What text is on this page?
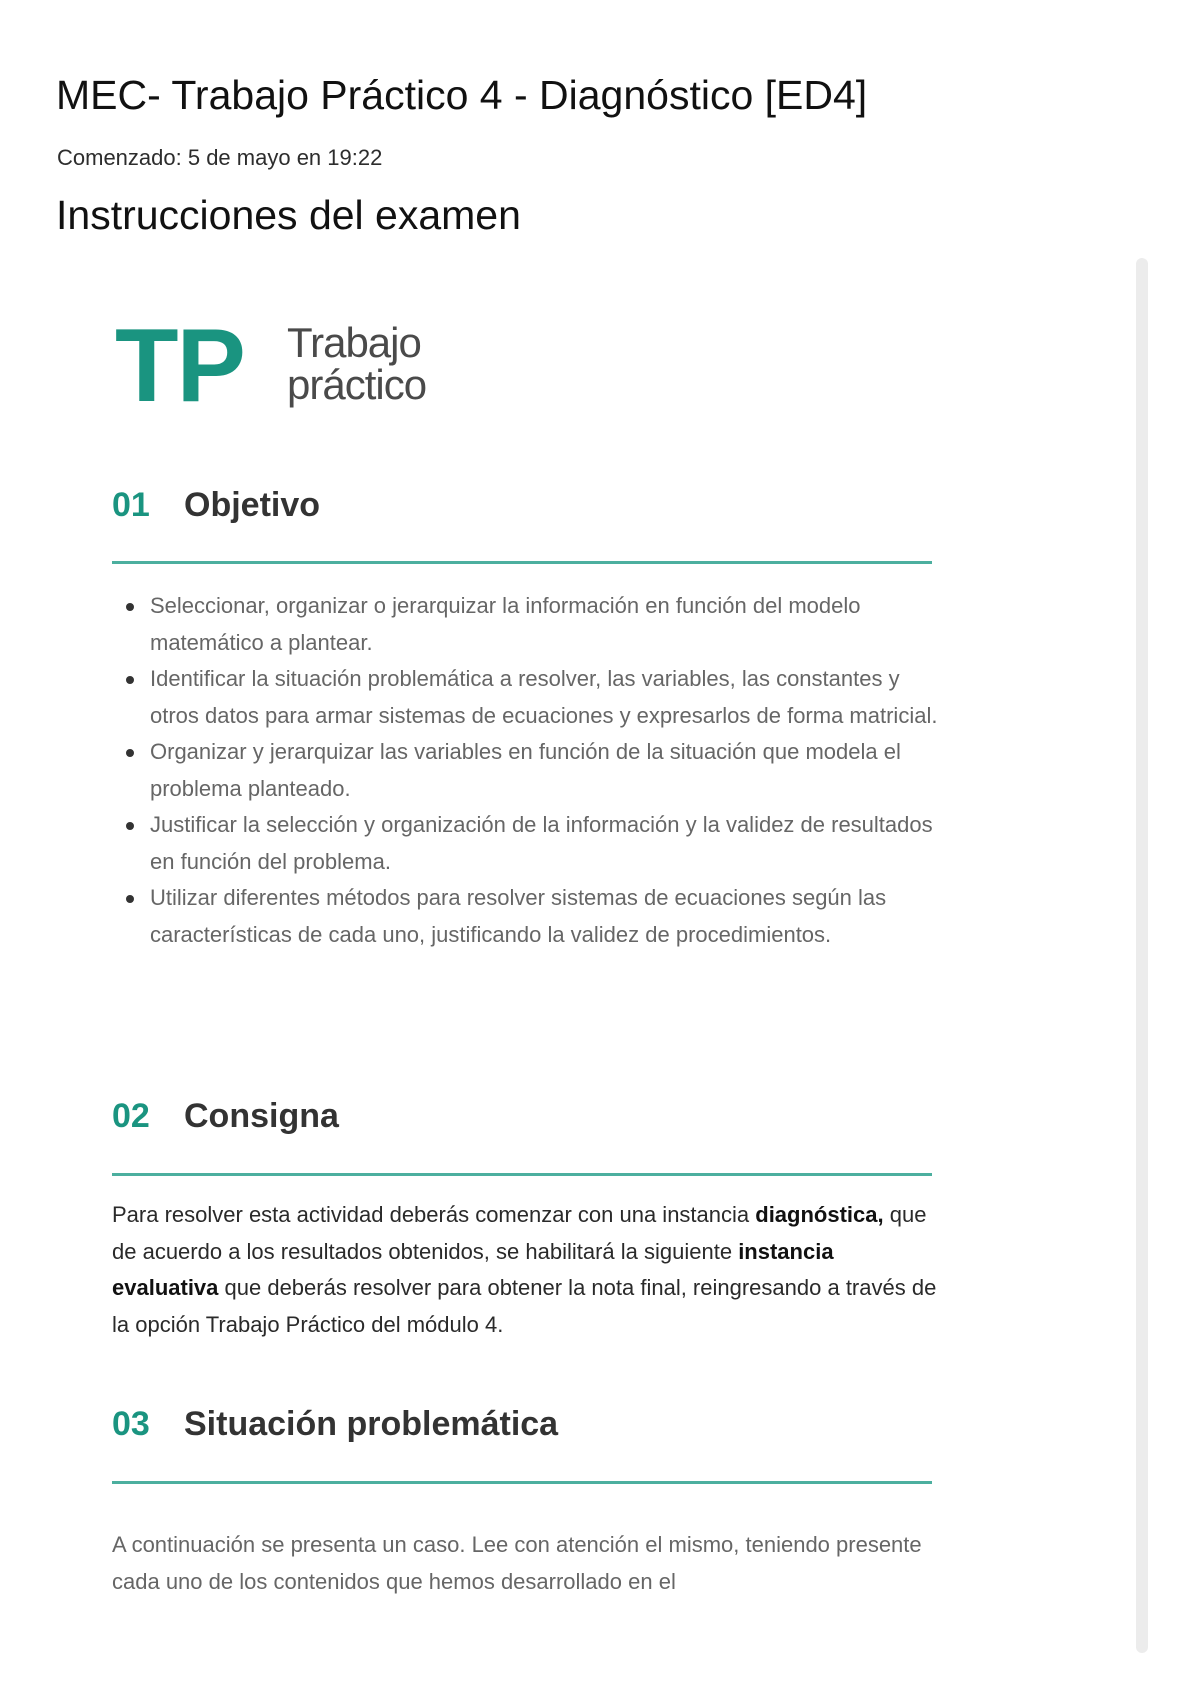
MEC- Trabajo Práctico 4 - Diagnóstico [ED4]
Comenzado: 5 de mayo en 19:22
Instrucciones del examen
TP Trabajo
práctico
01 Objetivo
Seleccionar, organizar o jerarquizar la información en función del modelo matemático a plantear.
Identificar la situación problemática a resolver, las variables, las constantes y otros datos para armar sistemas de ecuaciones y expresarlos de forma matricial.
Organizar y jerarquizar las variables en función de la situación que modela el problema planteado.
Justificar la selección y organización de la información y la validez de resultados en función del problema.
Utilizar diferentes métodos para resolver sistemas de ecuaciones según las características de cada uno, justificando la validez de procedimientos.
02 Consigna

Para resolver esta actividad deberás comenzar con una instancia diagnóstica, que de acuerdo a los resultados obtenidos, se habilitará la siguiente instancia evaluativa que deberás resolver para obtener la nota final, reingresando a través de la opción Trabajo Práctico del módulo 4.

03 Situación problemática

A continuación se presenta un caso. Lee con atención el mismo, teniendo presente cada uno de los contenidos que hemos desarrollado en el
